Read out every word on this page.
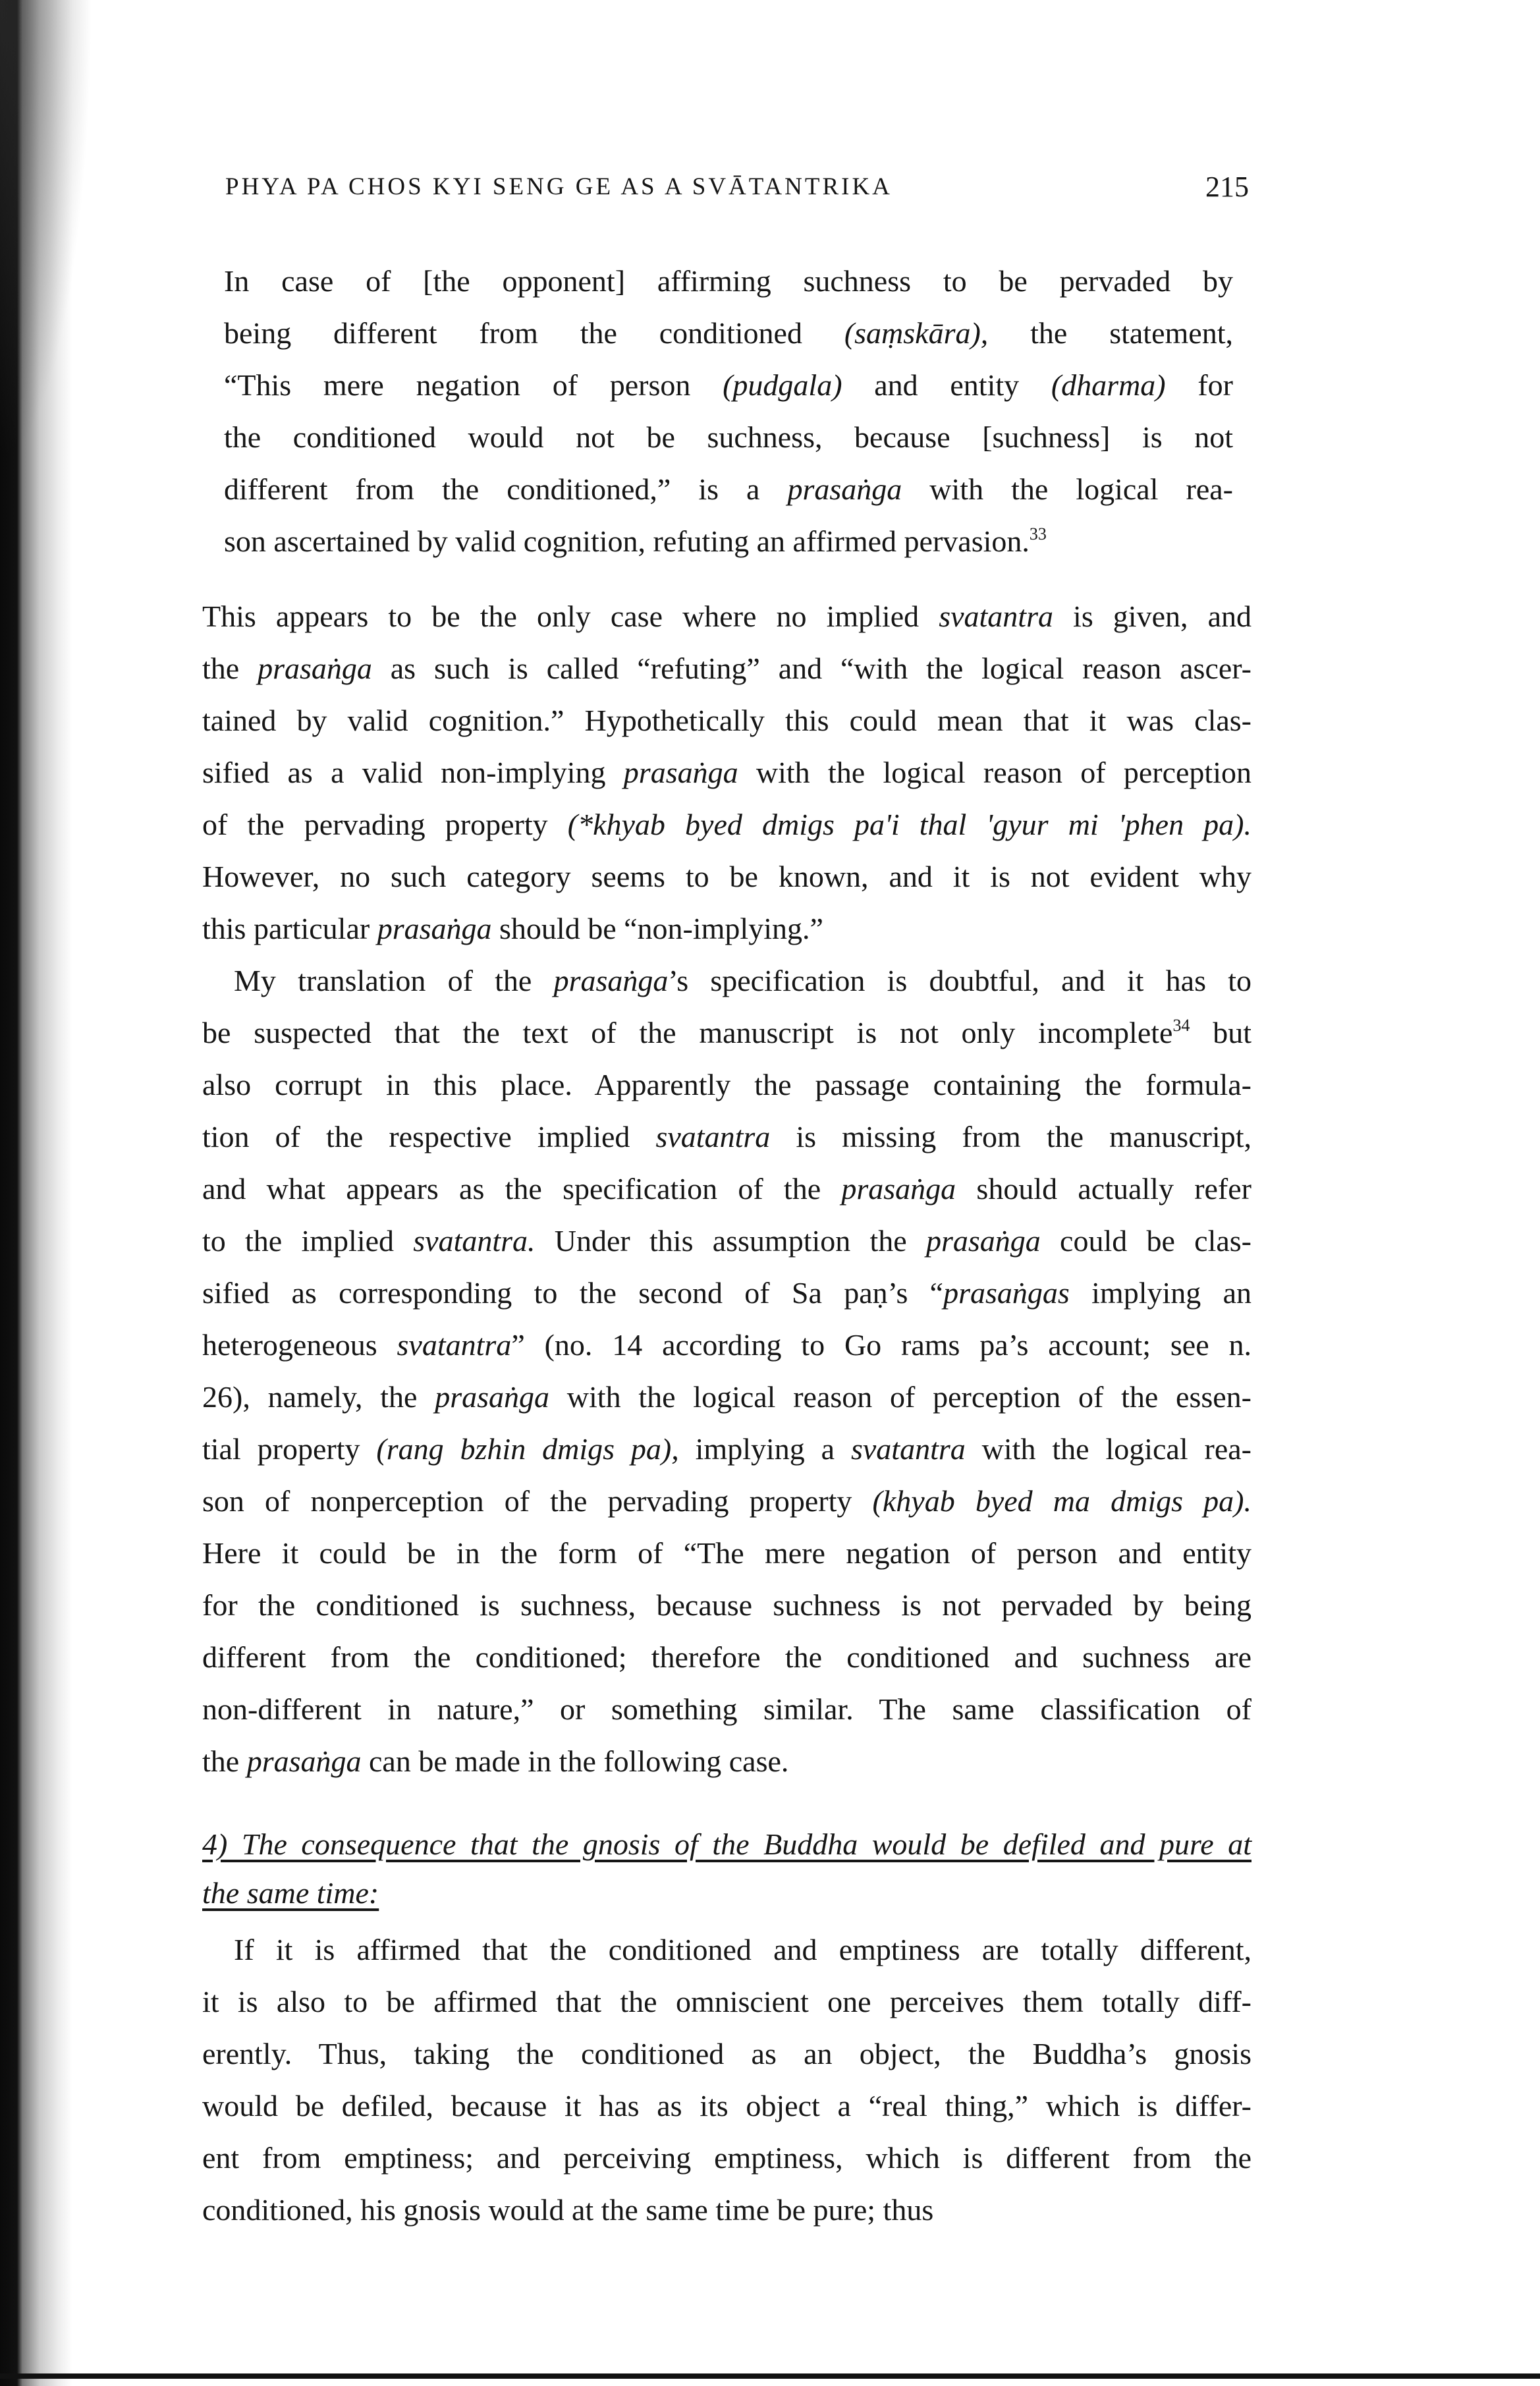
PHYA PA CHOS KYI SENG GE AS A SVĀTANTRIKA	215
In case of [the opponent] affirming suchness to be pervaded by
being different from the conditioned (saṃskāra), the statement,
“This mere negation of person (pudgala) and entity (dharma) for
the conditioned would not be suchness, because [suchness] is not
different from the conditioned,” is a prasaṅga with the logical rea-
son ascertained by valid cognition, refuting an affirmed pervasion.$^{33}$
This appears to be the only case where no implied svatantra is given, and
the prasaṅga as such is called “refuting” and “with the logical reason ascer-
tained by valid cognition.” Hypothetically this could mean that it was clas-
sified as a valid non-implying prasaṅga with the logical reason of perception
of the pervading property (*khyab byed dmigs pa'i thal 'gyur mi 'phen pa).
However, no such category seems to be known, and it is not evident why
this particular prasaṅga should be “non-implying.”
My translation of the prasaṅga’s specification is doubtful, and it has to
be suspected that the text of the manuscript is not only incomplete$^{34}$ but
also corrupt in this place. Apparently the passage containing the formula-
tion of the respective implied svatantra is missing from the manuscript,
and what appears as the specification of the prasaṅga should actually refer
to the implied svatantra. Under this assumption the prasaṅga could be clas-
sified as corresponding to the second of Sa paṇ’s “prasaṅgas implying an
heterogeneous svatantra” (no. 14 according to Go rams pa’s account; see n.
26), namely, the prasaṅga with the logical reason of perception of the essen-
tial property (rang bzhin dmigs pa), implying a svatantra with the logical rea-
son of nonperception of the pervading property (khyab byed ma dmigs pa).
Here it could be in the form of “The mere negation of person and entity
for the conditioned is suchness, because suchness is not pervaded by being
different from the conditioned; therefore the conditioned and suchness are
non-different in nature,” or something similar. The same classification of
the prasaṅga can be made in the following case.
4) The consequence that the gnosis of the Buddha would be defiled and pure at
the same time:
If it is affirmed that the conditioned and emptiness are totally different,
it is also to be affirmed that the omniscient one perceives them totally diff-
erently. Thus, taking the conditioned as an object, the Buddha’s gnosis
would be defiled, because it has as its object a “real thing,” which is differ-
ent from emptiness; and perceiving emptiness, which is different from the
conditioned, his gnosis would at the same time be pure; thus
